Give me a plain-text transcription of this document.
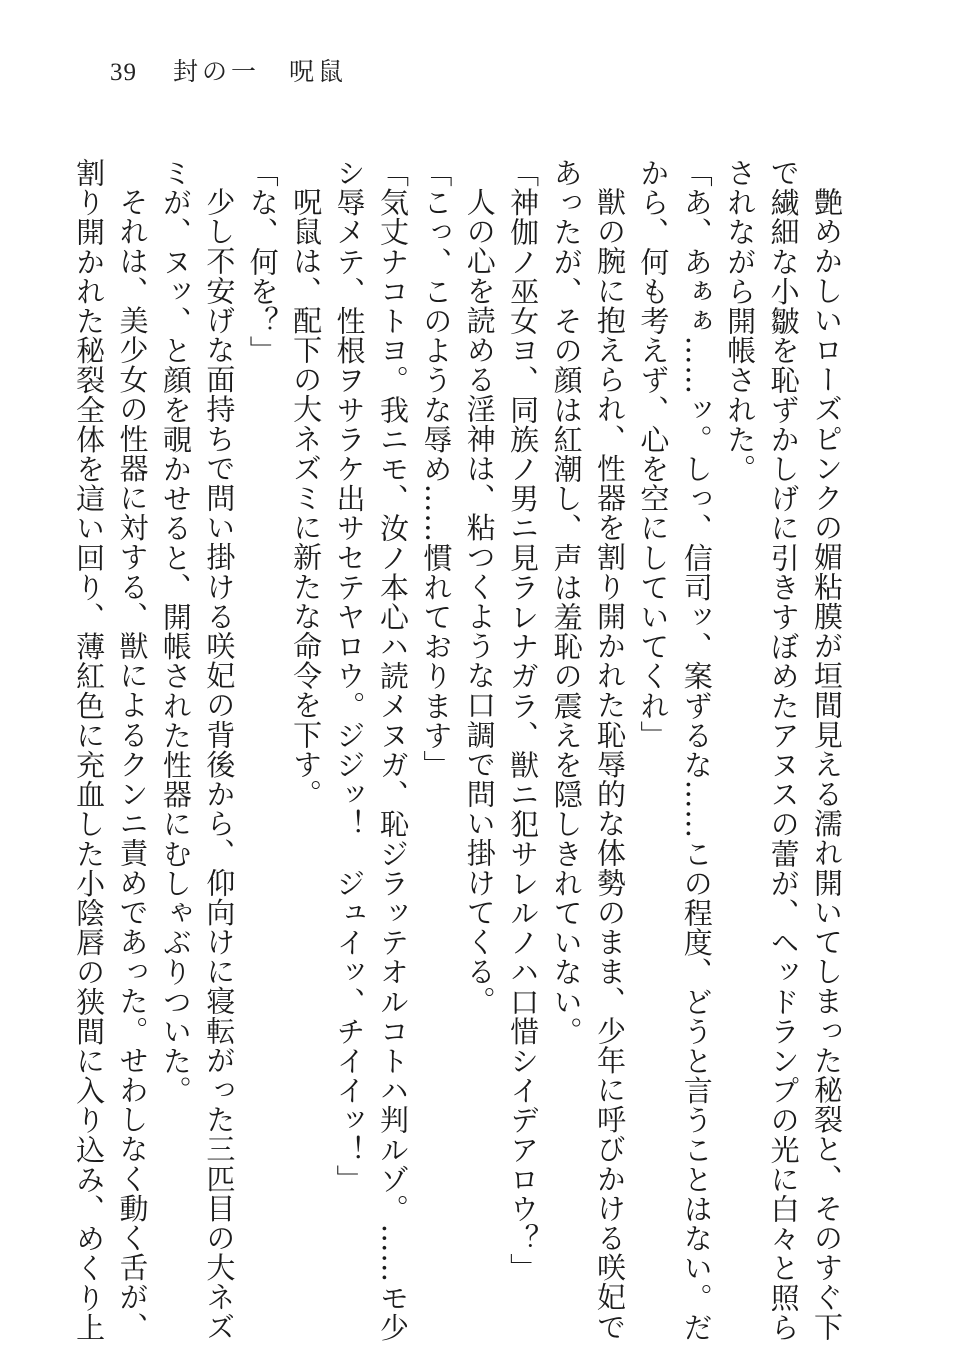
39 封の一　呪鼠
艶めかしいローズピンクの媚粘膜が垣間見える濡れ開いてしまった秘裂と、そのすぐ下
で繊細な小皺を恥ずかしげに引きすぼめたアヌスの蕾が、ヘッドランプの光に白々と照ら
されながら開帳された。
「あ、あぁぁ……ッ。しっ、信司ッ、案ずるな……この程度、どうと言うことはない。だ
から、何も考えず、心を空にしていてくれ」
獣の腕に抱えられ、性器を割り開かれた恥辱的な体勢のまま、少年に呼びかける咲妃で
あったが、その顔は紅潮し、声は羞恥の震えを隠しきれていない。
「神伽ノ巫女ヨ、同族ノ男ニ見ラレナガラ、獣ニ犯サレルノハ口惜シイデアロウ？」
人の心を読める淫神は、粘つくような口調で問い掛けてくる。
「こっ、このような辱め……慣れております」
「気丈ナコトヨ。我ニモ、汝ノ本心ハ読メヌガ、恥ジラッテオルコトハ判ルゾ。……モ少
シ辱メテ、性根ヲサラケ出サセテヤロウ。ジジッ！　ジュイッ、チイイッ！」
呪鼠は、配下の大ネズミに新たな命令を下す。
「な、何を？」
少し不安げな面持ちで問い掛ける咲妃の背後から、仰向けに寝転がった三匹目の大ネズ
ミが、ヌッ、と顔を覗かせると、開帳された性器にむしゃぶりついた。
それは、美少女の性器に対する、獣によるクンニ責めであった。せわしなく動く舌が、
割り開かれた秘裂全体を這い回り、薄紅色に充血した小陰唇の狭間に入り込み、めくり上
